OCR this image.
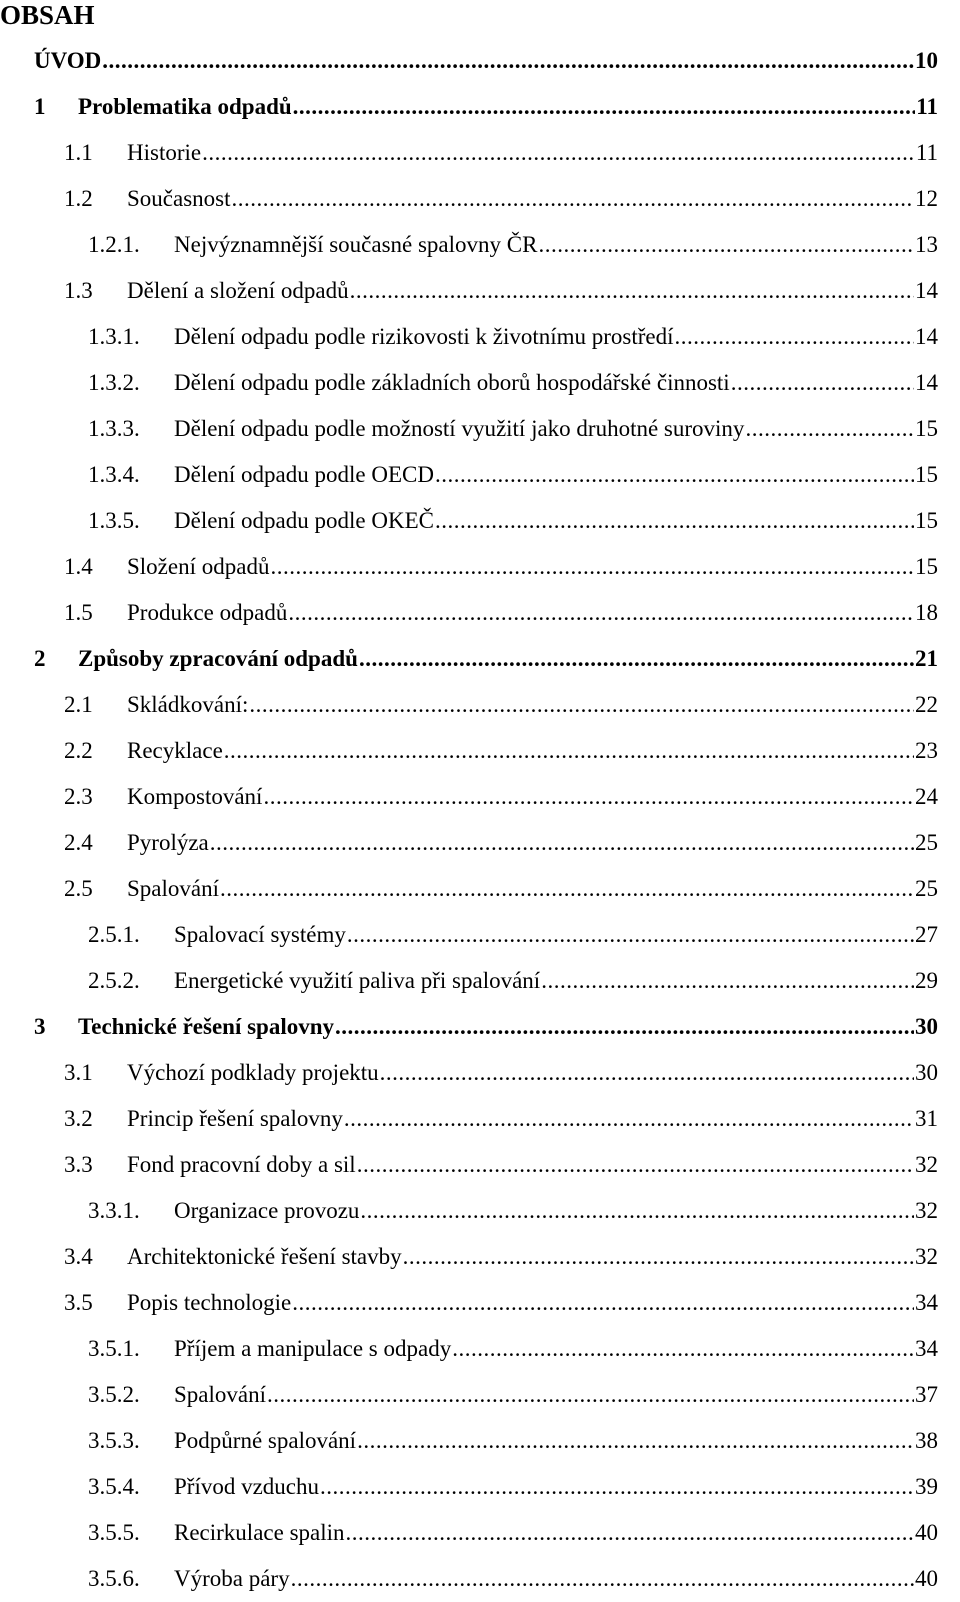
OBSAH
ÚVOD .....	10
1 Problematika odpadů .....	11
1.1 Historie .....	11
1.2 Současnost .....	12
1.2.1. Nejvýznamnější současné spalovny ČR .....	13
1.3 Dělení a složení odpadů .....	14
1.3.1. Dělení odpadu podle rizikovosti k životnímu prostředí .....	14
1.3.2. Dělení odpadu podle základních oborů hospodářské činnosti .....	14
1.3.3. Dělení odpadu podle možností využití jako druhotné suroviny .....	15
1.3.4. Dělení odpadu podle OECD .....	15
1.3.5. Dělení odpadu podle OKEČ .....	15
1.4 Složení odpadů .....	15
1.5 Produkce odpadů .....	18
2 Způsoby zpracování odpadů .....	21
2.1 Skládkování: .....	22
2.2 Recyklace .....	23
2.3 Kompostování .....	24
2.4 Pyrolýza .....	25
2.5 Spalování .....	25
2.5.1. Spalovací systémy .....	27
2.5.2. Energetické využití paliva při spalování .....	29
3 Technické řešení spalovny .....	30
3.1 Výchozí podklady projektu .....	30
3.2 Princip řešení spalovny .....	31
3.3 Fond pracovní doby a sil .....	32
3.3.1. Organizace provozu .....	32
3.4 Architektonické řešení stavby .....	32
3.5 Popis technologie .....	34
3.5.1. Příjem a manipulace s odpady .....	34
3.5.2. Spalování .....	37
3.5.3. Podpůrné spalování .....	38
3.5.4. Přívod vzduchu .....	39
3.5.5. Recirkulace spalin .....	40
3.5.6. Výroba páry .....	40
